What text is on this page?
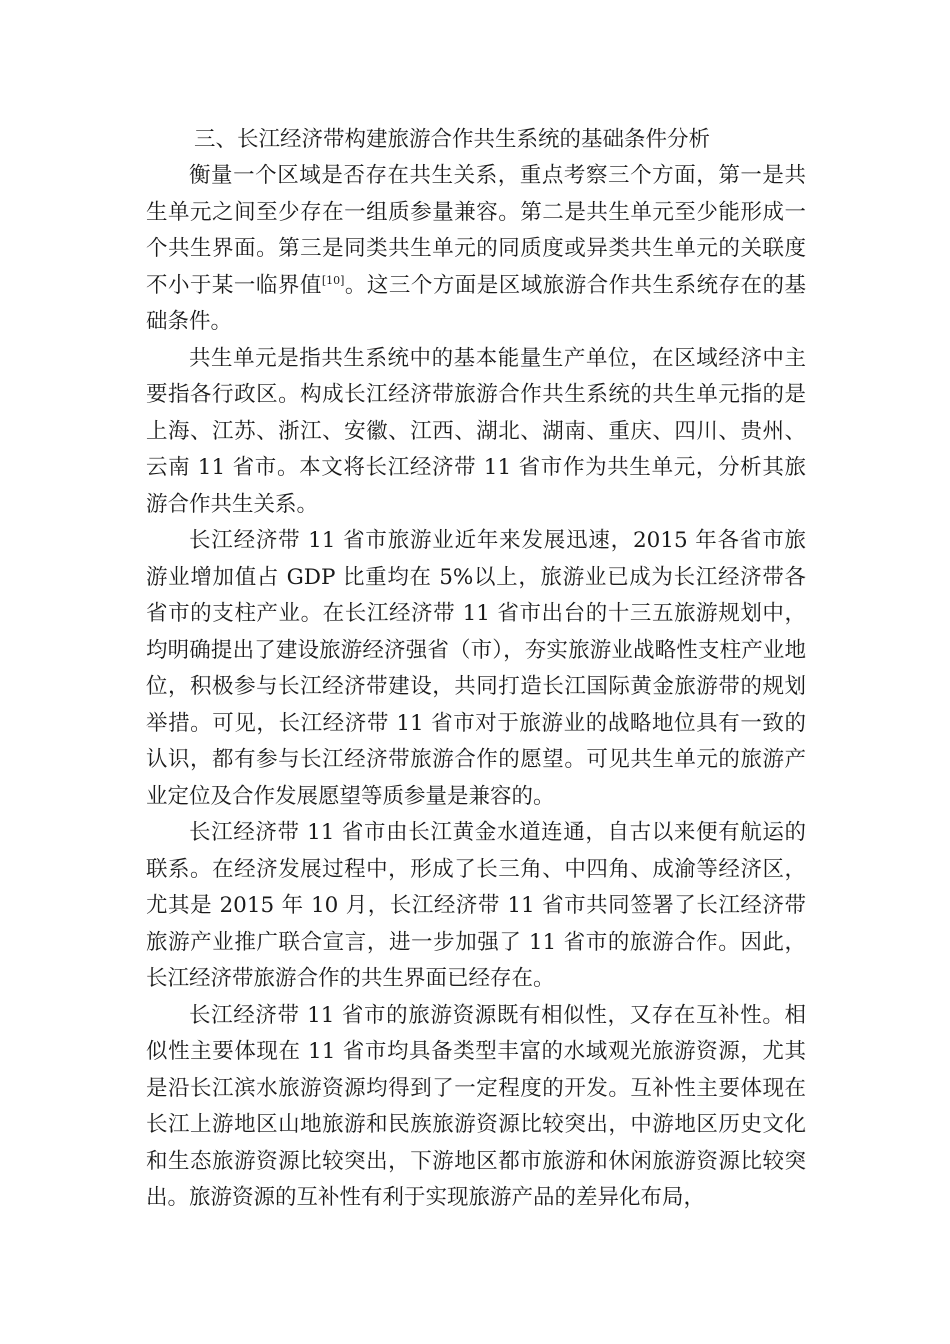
三、长江经济带构建旅游合作共生系统的基础条件分析

衡量一个区域是否存在共生关系，重点考察三个方面，第一是共生单元之间至少存在一组质参量兼容。第二是共生单元至少能形成一个共生界面。第三是同类共生单元的同质度或异类共生单元的关联度不小于某一临界值[10]。这三个方面是区域旅游合作共生系统存在的基础条件。

共生单元是指共生系统中的基本能量生产单位，在区域经济中主要指各行政区。构成长江经济带旅游合作共生系统的共生单元指的是上海、江苏、浙江、安徽、江西、湖北、湖南、重庆、四川、贵州、云南 11 省市。本文将长江经济带 11 省市作为共生单元，分析其旅游合作共生关系。

长江经济带 11 省市旅游业近年来发展迅速，2015 年各省市旅游业增加值占 GDP 比重均在 5%以上，旅游业已成为长江经济带各省市的支柱产业。在长江经济带 11 省市出台的十三五旅游规划中，均明确提出了建设旅游经济强省（市），夯实旅游业战略性支柱产业地位，积极参与长江经济带建设，共同打造长江国际黄金旅游带的规划举措。可见，长江经济带 11 省市对于旅游业的战略地位具有一致的认识，都有参与长江经济带旅游合作的愿望。可见共生单元的旅游产业定位及合作发展愿望等质参量是兼容的。

长江经济带 11 省市由长江黄金水道连通，自古以来便有航运的联系。在经济发展过程中，形成了长三角、中四角、成渝等经济区，尤其是 2015 年 10 月，长江经济带 11 省市共同签署了长江经济带旅游产业推广联合宣言，进一步加强了 11 省市的旅游合作。因此，长江经济带旅游合作的共生界面已经存在。

长江经济带 11 省市的旅游资源既有相似性，又存在互补性。相似性主要体现在 11 省市均具备类型丰富的水域观光旅游资源，尤其是沿长江滨水旅游资源均得到了一定程度的开发。互补性主要体现在长江上游地区山地旅游和民族旅游资源比较突出，中游地区历史文化和生态旅游资源比较突出，下游地区都市旅游和休闲旅游资源比较突出。旅游资源的互补性有利于实现旅游产品的差异化布局，
